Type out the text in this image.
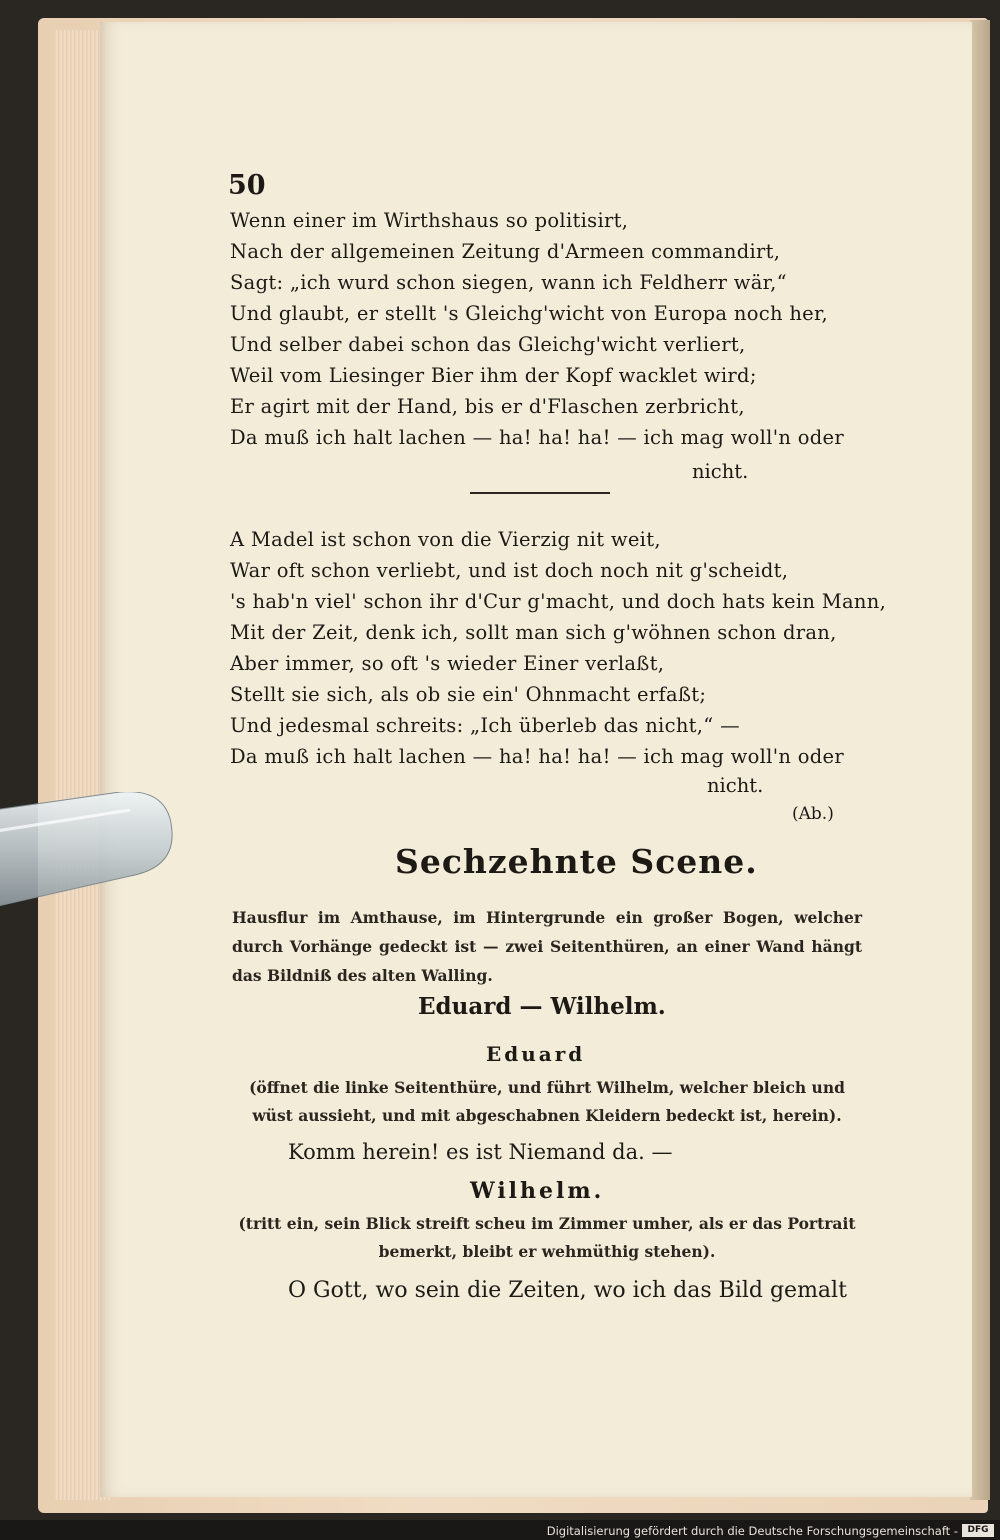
50
Wenn einer im Wirthshaus so politisirt,
Nach der allgemeinen Zeitung d'Armeen commandirt,
Sagt: „ich wurd schon siegen, wann ich Feldherr wär,“
Und glaubt, er stellt 's Gleichg'wicht von Europa noch her,
Und selber dabei schon das Gleichg'wicht verliert,
Weil vom Liesinger Bier ihm der Kopf wacklet wird;
Er agirt mit der Hand, bis er d'Flaschen zerbricht,
Da muß ich halt lachen — ha! ha! ha! — ich mag woll'n oder
nicht.
A Madel ist schon von die Vierzig nit weit,
War oft schon verliebt, und ist doch noch nit g'scheidt,
's hab'n viel' schon ihr d'Cur g'macht, und doch hats kein Mann,
Mit der Zeit, denk ich, sollt man sich g'wöhnen schon dran,
Aber immer, so oft 's wieder Einer verlaßt,
Stellt sie sich, als ob sie ein' Ohnmacht erfaßt;
Und jedesmal schreits: „Ich überleb das nicht,“ —
Da muß ich halt lachen — ha! ha! ha! — ich mag woll'n oder
nicht.
(Ab.)
Sechzehnte Scene.
Hausflur im Amthause, im Hintergrunde ein großer Bogen, welcher durch Vorhänge gedeckt ist — zwei Seitenthüren, an einer Wand hängt das Bildniß des alten Walling.
Eduard — Wilhelm.
Eduard
(öffnet die linke Seitenthüre, und führt Wilhelm, welcher bleich und wüst aussieht, und mit abgeschabnen Kleidern bedeckt ist, herein).
Komm herein! es ist Niemand da. —
Wilhelm.
(tritt ein, sein Blick streift scheu im Zimmer umher, als er das Portrait bemerkt, bleibt er wehmüthig stehen).
O Gott, wo sein die Zeiten, wo ich das Bild gemalt
Digitalisierung gefördert durch die Deutsche Forschungsgemeinschaft -	DFG
